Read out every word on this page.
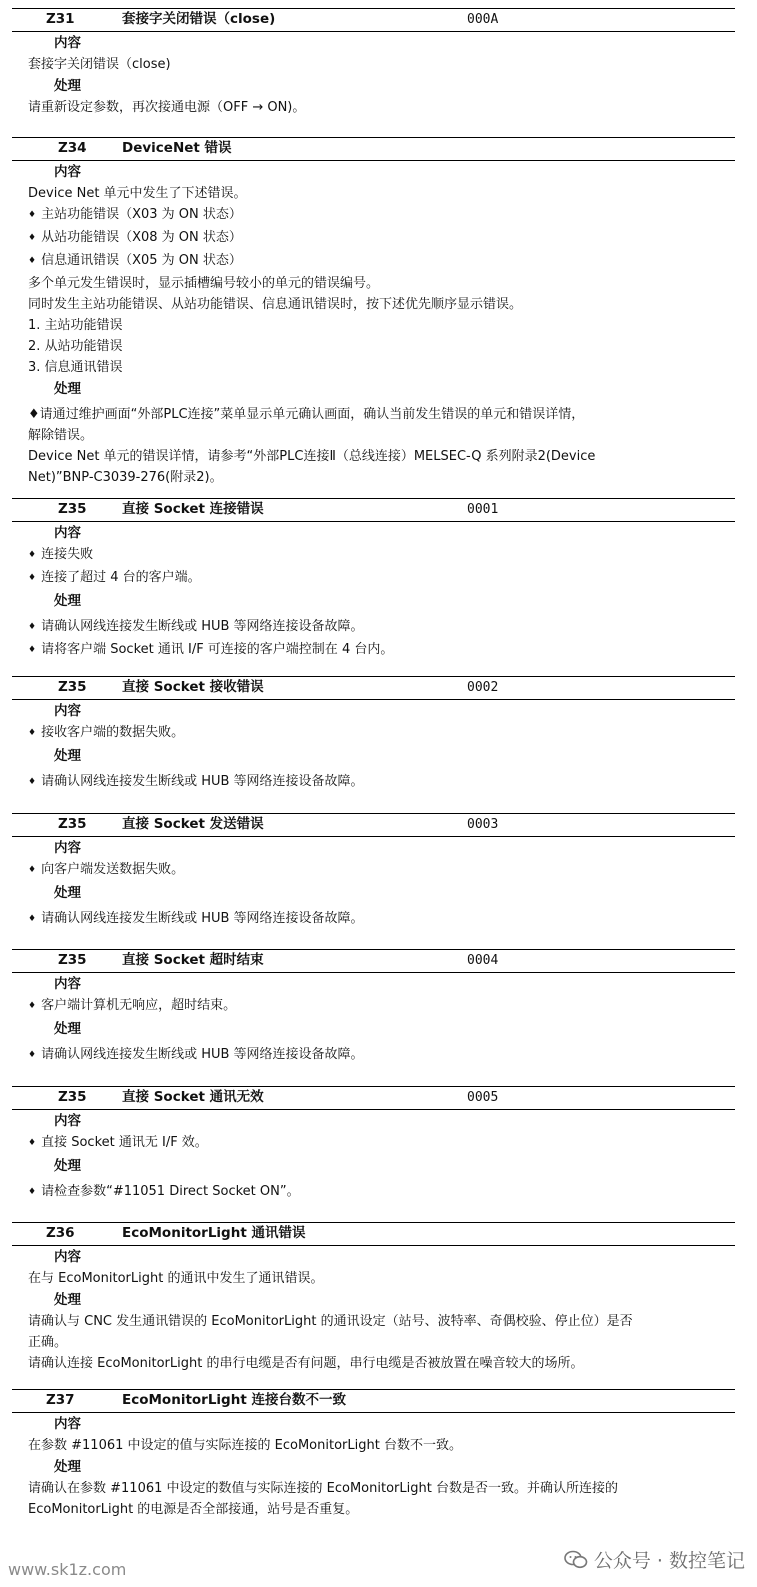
Z31	套接字关闭错误（close)	000A
内容
套接字关闭错误（close)
处理
请重新设定参数，再次接通电源（OFF → ON)。
Z34	DeviceNet 错误
内容
Device Net 单元中发生了下述错误。
♦ 主站功能错误（X03 为 ON 状态）
♦ 从站功能错误（X08 为 ON 状态）
♦ 信息通讯错误（X05 为 ON 状态）
多个单元发生错误时，显示插槽编号较小的单元的错误编号。
同时发生主站功能错误、从站功能错误、信息通讯错误时，按下述优先顺序显示错误。
1. 主站功能错误
2. 从站功能错误
3. 信息通讯错误
处理
♦请通过维护画面“外部PLC连接”菜单显示单元确认画面，确认当前发生错误的单元和错误详情，
解除错误。
Device Net 单元的错误详情，请参考“外部PLC连接Ⅱ（总线连接）MELSEC-Q 系列附录2(Device
Net)”BNP-C3039-276(附录2)。
Z35	直接 Socket 连接错误	0001
内容
♦ 连接失败
♦ 连接了超过 4 台的客户端。
处理
♦ 请确认网线连接发生断线或 HUB 等网络连接设备故障。
♦ 请将客户端 Socket 通讯 I/F 可连接的客户端控制在 4 台内。
Z35	直接 Socket 接收错误	0002
内容
♦ 接收客户端的数据失败。
处理
♦ 请确认网线连接发生断线或 HUB 等网络连接设备故障。
Z35	直接 Socket 发送错误	0003
内容
♦ 向客户端发送数据失败。
处理
♦ 请确认网线连接发生断线或 HUB 等网络连接设备故障。
Z35	直接 Socket 超时结束	0004
内容
♦ 客户端计算机无响应，超时结束。
处理
♦ 请确认网线连接发生断线或 HUB 等网络连接设备故障。
Z35	直接 Socket 通讯无效	0005
内容
♦ 直接 Socket 通讯无 I/F 效。
处理
♦ 请检查参数“#11051 Direct Socket ON”。
Z36	EcoMonitorLight 通讯错误
内容
在与 EcoMonitorLight 的通讯中发生了通讯错误。
处理
请确认与 CNC 发生通讯错误的 EcoMonitorLight 的通讯设定（站号、波特率、奇偶校验、停止位）是否
正确。
请确认连接 EcoMonitorLight 的串行电缆是否有问题，串行电缆是否被放置在噪音较大的场所。
Z37	EcoMonitorLight 连接台数不一致
内容
在参数 #11061 中设定的值与实际连接的 EcoMonitorLight 台数不一致。
处理
请确认在参数 #11061 中设定的数值与实际连接的 EcoMonitorLight 台数是否一致。并确认所连接的
EcoMonitorLight 的电源是否全部接通，站号是否重复。
www.sk1z.com	公众号 · 数控笔记
